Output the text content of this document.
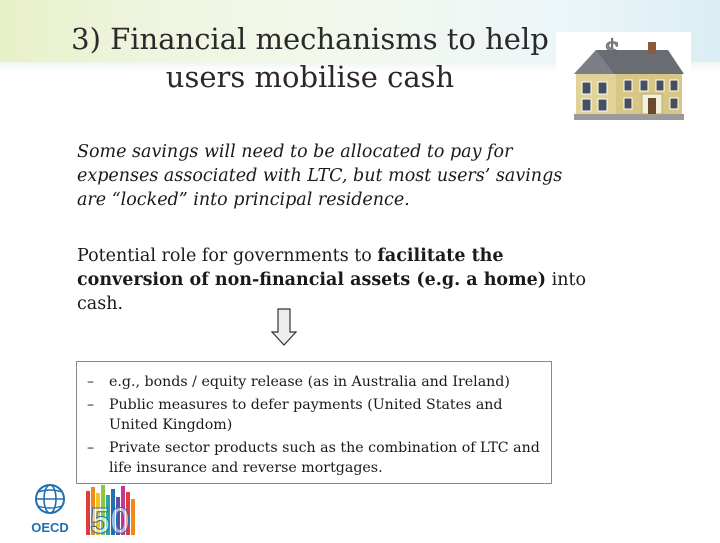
3) Financial mechanisms to help
users mobilise cash
Some savings will need to be allocated to pay for expenses associated with LTC, but most users’ savings are “locked” into principal residence.
Potential role for governments to facilitate the conversion of non-financial assets (e.g. a home) into cash.
– e.g., bonds / equity release (as in Australia and Ireland)
– Public measures to defer payments (United States and United Kingdom)
– Private sector products such as the combination of LTC and life insurance and reverse mortgages.
OECD 50
